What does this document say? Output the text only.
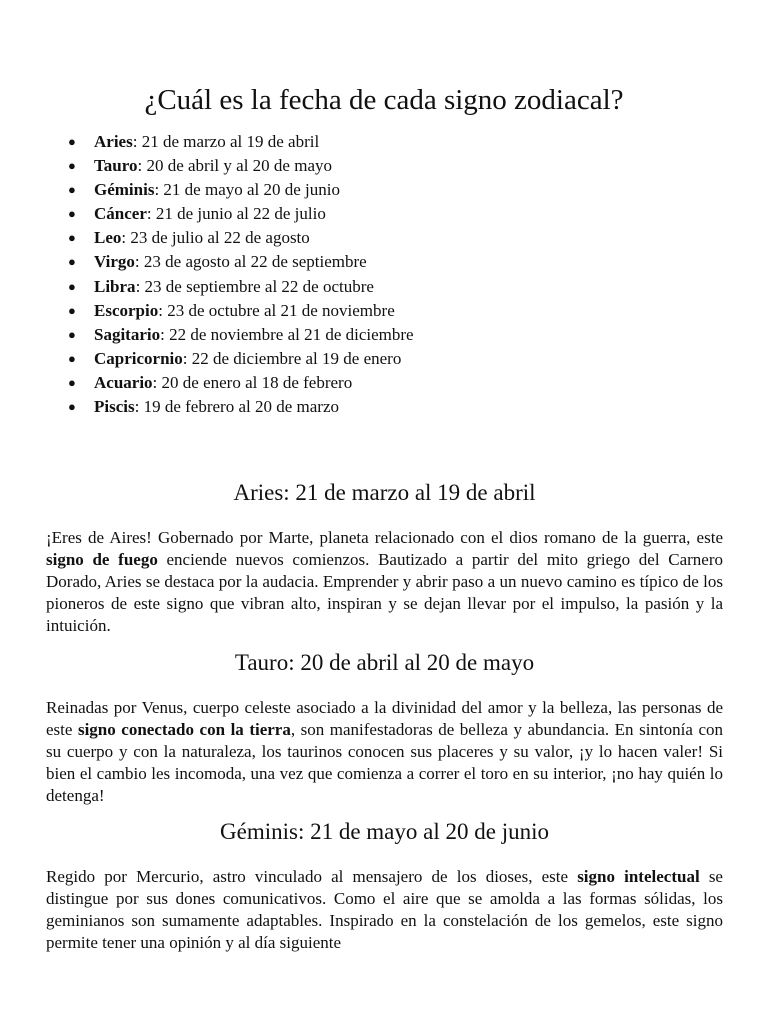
¿Cuál es la fecha de cada signo zodiacal?
● Aries: 21 de marzo al 19 de abril
● Tauro: 20 de abril y al 20 de mayo
● Géminis: 21 de mayo al 20 de junio
● Cáncer: 21 de junio al 22 de julio
● Leo: 23 de julio al 22 de agosto
● Virgo: 23 de agosto al 22 de septiembre
● Libra: 23 de septiembre al 22 de octubre
● Escorpio: 23 de octubre al 21 de noviembre
● Sagitario: 22 de noviembre al 21 de diciembre
● Capricornio: 22 de diciembre al 19 de enero
● Acuario: 20 de enero al 18 de febrero
● Piscis: 19 de febrero al 20 de marzo
Aries: 21 de marzo al 19 de abril

¡Eres de Aires! Gobernado por Marte, planeta relacionado con el dios romano de la guerra, este signo de fuego enciende nuevos comienzos. Bautizado a partir del mito griego del Carnero Dorado, Aries se destaca por la audacia. Emprender y abrir paso a un nuevo camino es típico de los pioneros de este signo que vibran alto, inspiran y se dejan llevar por el impulso, la pasión y la intuición.

Tauro: 20 de abril al 20 de mayo

Reinadas por Venus, cuerpo celeste asociado a la divinidad del amor y la belleza, las personas de este signo conectado con la tierra, son manifestadoras de belleza y abundancia. En sintonía con su cuerpo y con la naturaleza, los taurinos conocen sus placeres y su valor, ¡y lo hacen valer! Si bien el cambio les incomoda, una vez que comienza a correr el toro en su interior, ¡no hay quién lo detenga!

Géminis: 21 de mayo al 20 de junio

Regido por Mercurio, astro vinculado al mensajero de los dioses, este signo intelectual se distingue por sus dones comunicativos. Como el aire que se amolda a las formas sólidas, los geminianos son sumamente adaptables. Inspirado en la constelación de los gemelos, este signo permite tener una opinión y al día siguiente
